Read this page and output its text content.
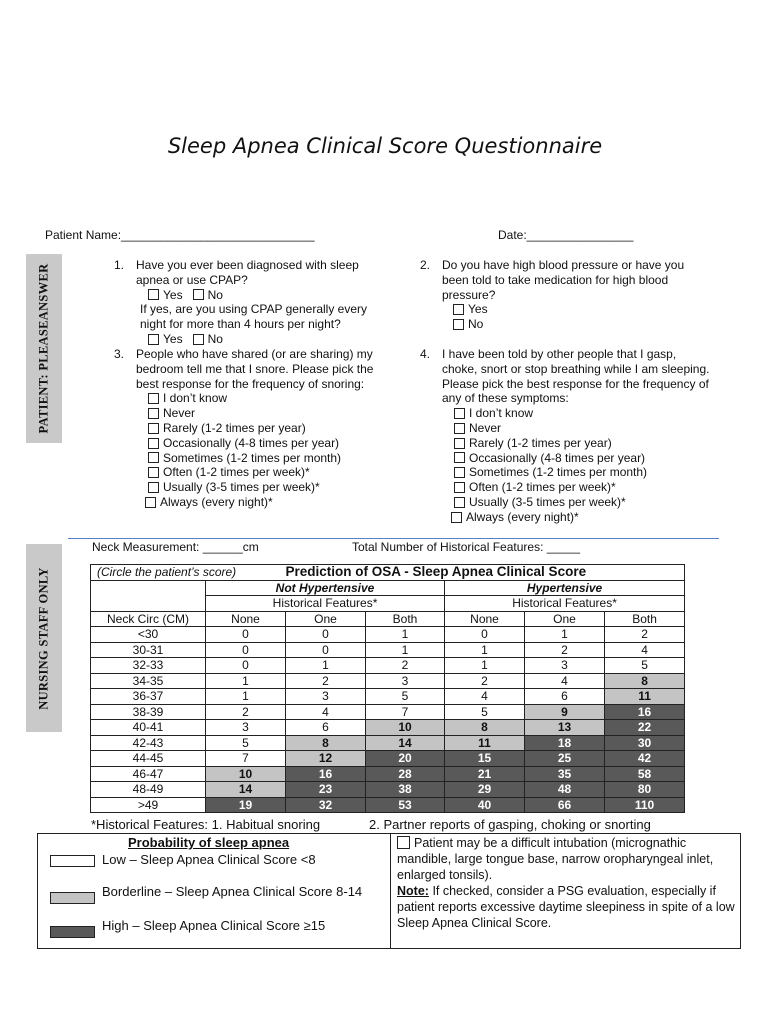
Sleep Apnea Clinical Score Questionnaire
Patient Name:_____________________________	Date:________________
PATIENT: PLEASEANSWER	1. Have you ever been diagnosed with sleep apnea or use CPAP?
Yes No
If yes, are you using CPAP generally every night for more than 4 hours per night?
Yes No
2. Do you have high blood pressure or have you been told to take medication for high blood pressure?
Yes
No
3. People who have shared (or are sharing) my bedroom tell me that I snore. Please pick the best response for the frequency of snoring:
I don’t know
Never
Rarely (1-2 times per year)
Occasionally (4-8 times per year)
Sometimes (1-2 times per month)
Often (1-2 times per week)*
Usually (3-5 times per week)*
Always (every night)*
4. I have been told by other people that I gasp, choke, snort or stop breathing while I am sleeping. Please pick the best response for the frequency of any of these symptoms:
I don’t know
Never
Rarely (1-2 times per year)
Occasionally (4-8 times per year)
Sometimes (1-2 times per month)
Often (1-2 times per week)*
Usually (3-5 times per week)*
Always (every night)*
NURSING STAFF ONLY
Neck Measurement: ______cm	Total Number of Historical Features: _____
(Circle the patient’s score)		Prediction of OSA - Sleep Apnea Clinical Score				
	Not Hypertensive			Hypertensive		
	Historical Features*			Historical Features*		
Neck Circ (CM)	None	One	Both	None	One	Both
<30	0	0	1	0	1	2
30-31	0	0	1	1	2	4
32-33	0	1	2	1	3	5
34-35	1	2	3	2	4	8
36-37	1	3	5	4	6	11
38-39	2	4	7	5	9	16
40-41	3	6	10	8	13	22
42-43	5	8	14	11	18	30
44-45	7	12	20	15	25	42
46-47	10	16	28	21	35	58
48-49	14	23	38	29	48	80
>49	19	32	53	40	66	110
*Historical Features: 1. Habitual snoring	2. Partner reports of gasping, choking or snorting
Probability of sleep apnea
Low – Sleep Apnea Clinical Score <8
Borderline – Sleep Apnea Clinical Score 8-14
High – Sleep Apnea Clinical Score ≥15
Patient may be a difficult intubation (micrognathic mandible, large tongue base, narrow oropharyngeal inlet, enlarged tonsils).
Note: If checked, consider a PSG evaluation, especially if patient reports excessive daytime sleepiness in spite of a low Sleep Apnea Clinical Score.
